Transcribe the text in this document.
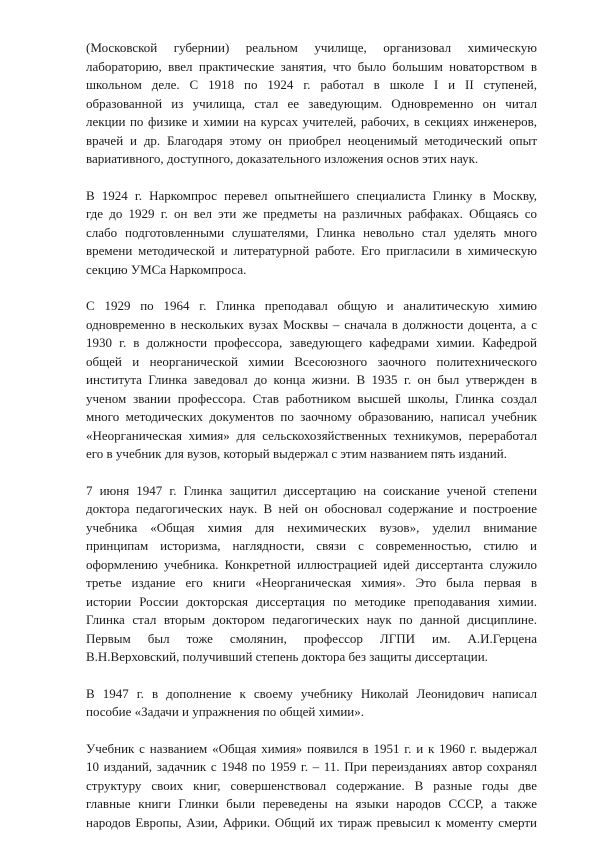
(Московской губернии) реальном училище, организовал химическую
лабораторию, ввел практические занятия, что было большим новаторством в
школьном деле. С 1918 по 1924 г. работал в школе I и II ступеней,
образованной из училища, стал ее заведующим. Одновременно он читал
лекции по физике и химии на курсах учителей, рабочих, в секциях инженеров,
врачей и др. Благодаря этому он приобрел неоценимый методический опыт
вариативного, доступного, доказательного изложения основ этих наук.
В 1924 г. Наркомпрос перевел опытнейшего специалиста Глинку в Москву,
где до 1929 г. он вел эти же предметы на различных рабфаках. Общаясь со
слабо подготовленными слушателями, Глинка невольно стал уделять много
времени методической и литературной работе. Его пригласили в химическую
секцию УМСа Наркомпроса.
С 1929 по 1964 г. Глинка преподавал общую и аналитическую химию
одновременно в нескольких вузах Москвы – сначала в должности доцента, а с
1930 г. в должности профессора, заведующего кафедрами химии. Кафедрой
общей и неорганической химии Всесоюзного заочного политехнического
института Глинка заведовал до конца жизни. В 1935 г. он был утвержден в
ученом звании профессора. Став работником высшей школы, Глинка создал
много методических документов по заочному образованию, написал учебник
«Неорганическая химия» для сельскохозяйственных техникумов, переработал
его в учебник для вузов, который выдержал с этим названием пять изданий.
7 июня 1947 г. Глинка защитил диссертацию на соискание ученой степени
доктора педагогических наук. В ней он обосновал содержание и построение
учебника «Общая химия для нехимических вузов», уделил внимание
принципам историзма, наглядности, связи с современностью, стилю и
оформлению учебника. Конкретной иллюстрацией идей диссертанта служило
третье издание его книги «Неорганическая химия». Это была первая в
истории России докторская диссертация по методике преподавания химии.
Глинка стал вторым доктором педагогических наук по данной дисциплине.
Первым был тоже смолянин, профессор ЛГПИ им. А.И.Герцена
В.Н.Верховский, получивший степень доктора без защиты диссертации.
В 1947 г. в дополнение к своему учебнику Николай Леонидович написал
пособие «Задачи и упражнения по общей химии».
Учебник с названием «Общая химия» появился в 1951 г. и к 1960 г. выдержал
10 изданий, задачник с 1948 по 1959 г. – 11. При переизданиях автор сохранял
структуру своих книг, совершенствовал содержание. В разные годы две
главные книги Глинки были переведены на языки народов СССР, а также
народов Европы, Азии, Африки. Общий их тираж превысил к моменту смерти
